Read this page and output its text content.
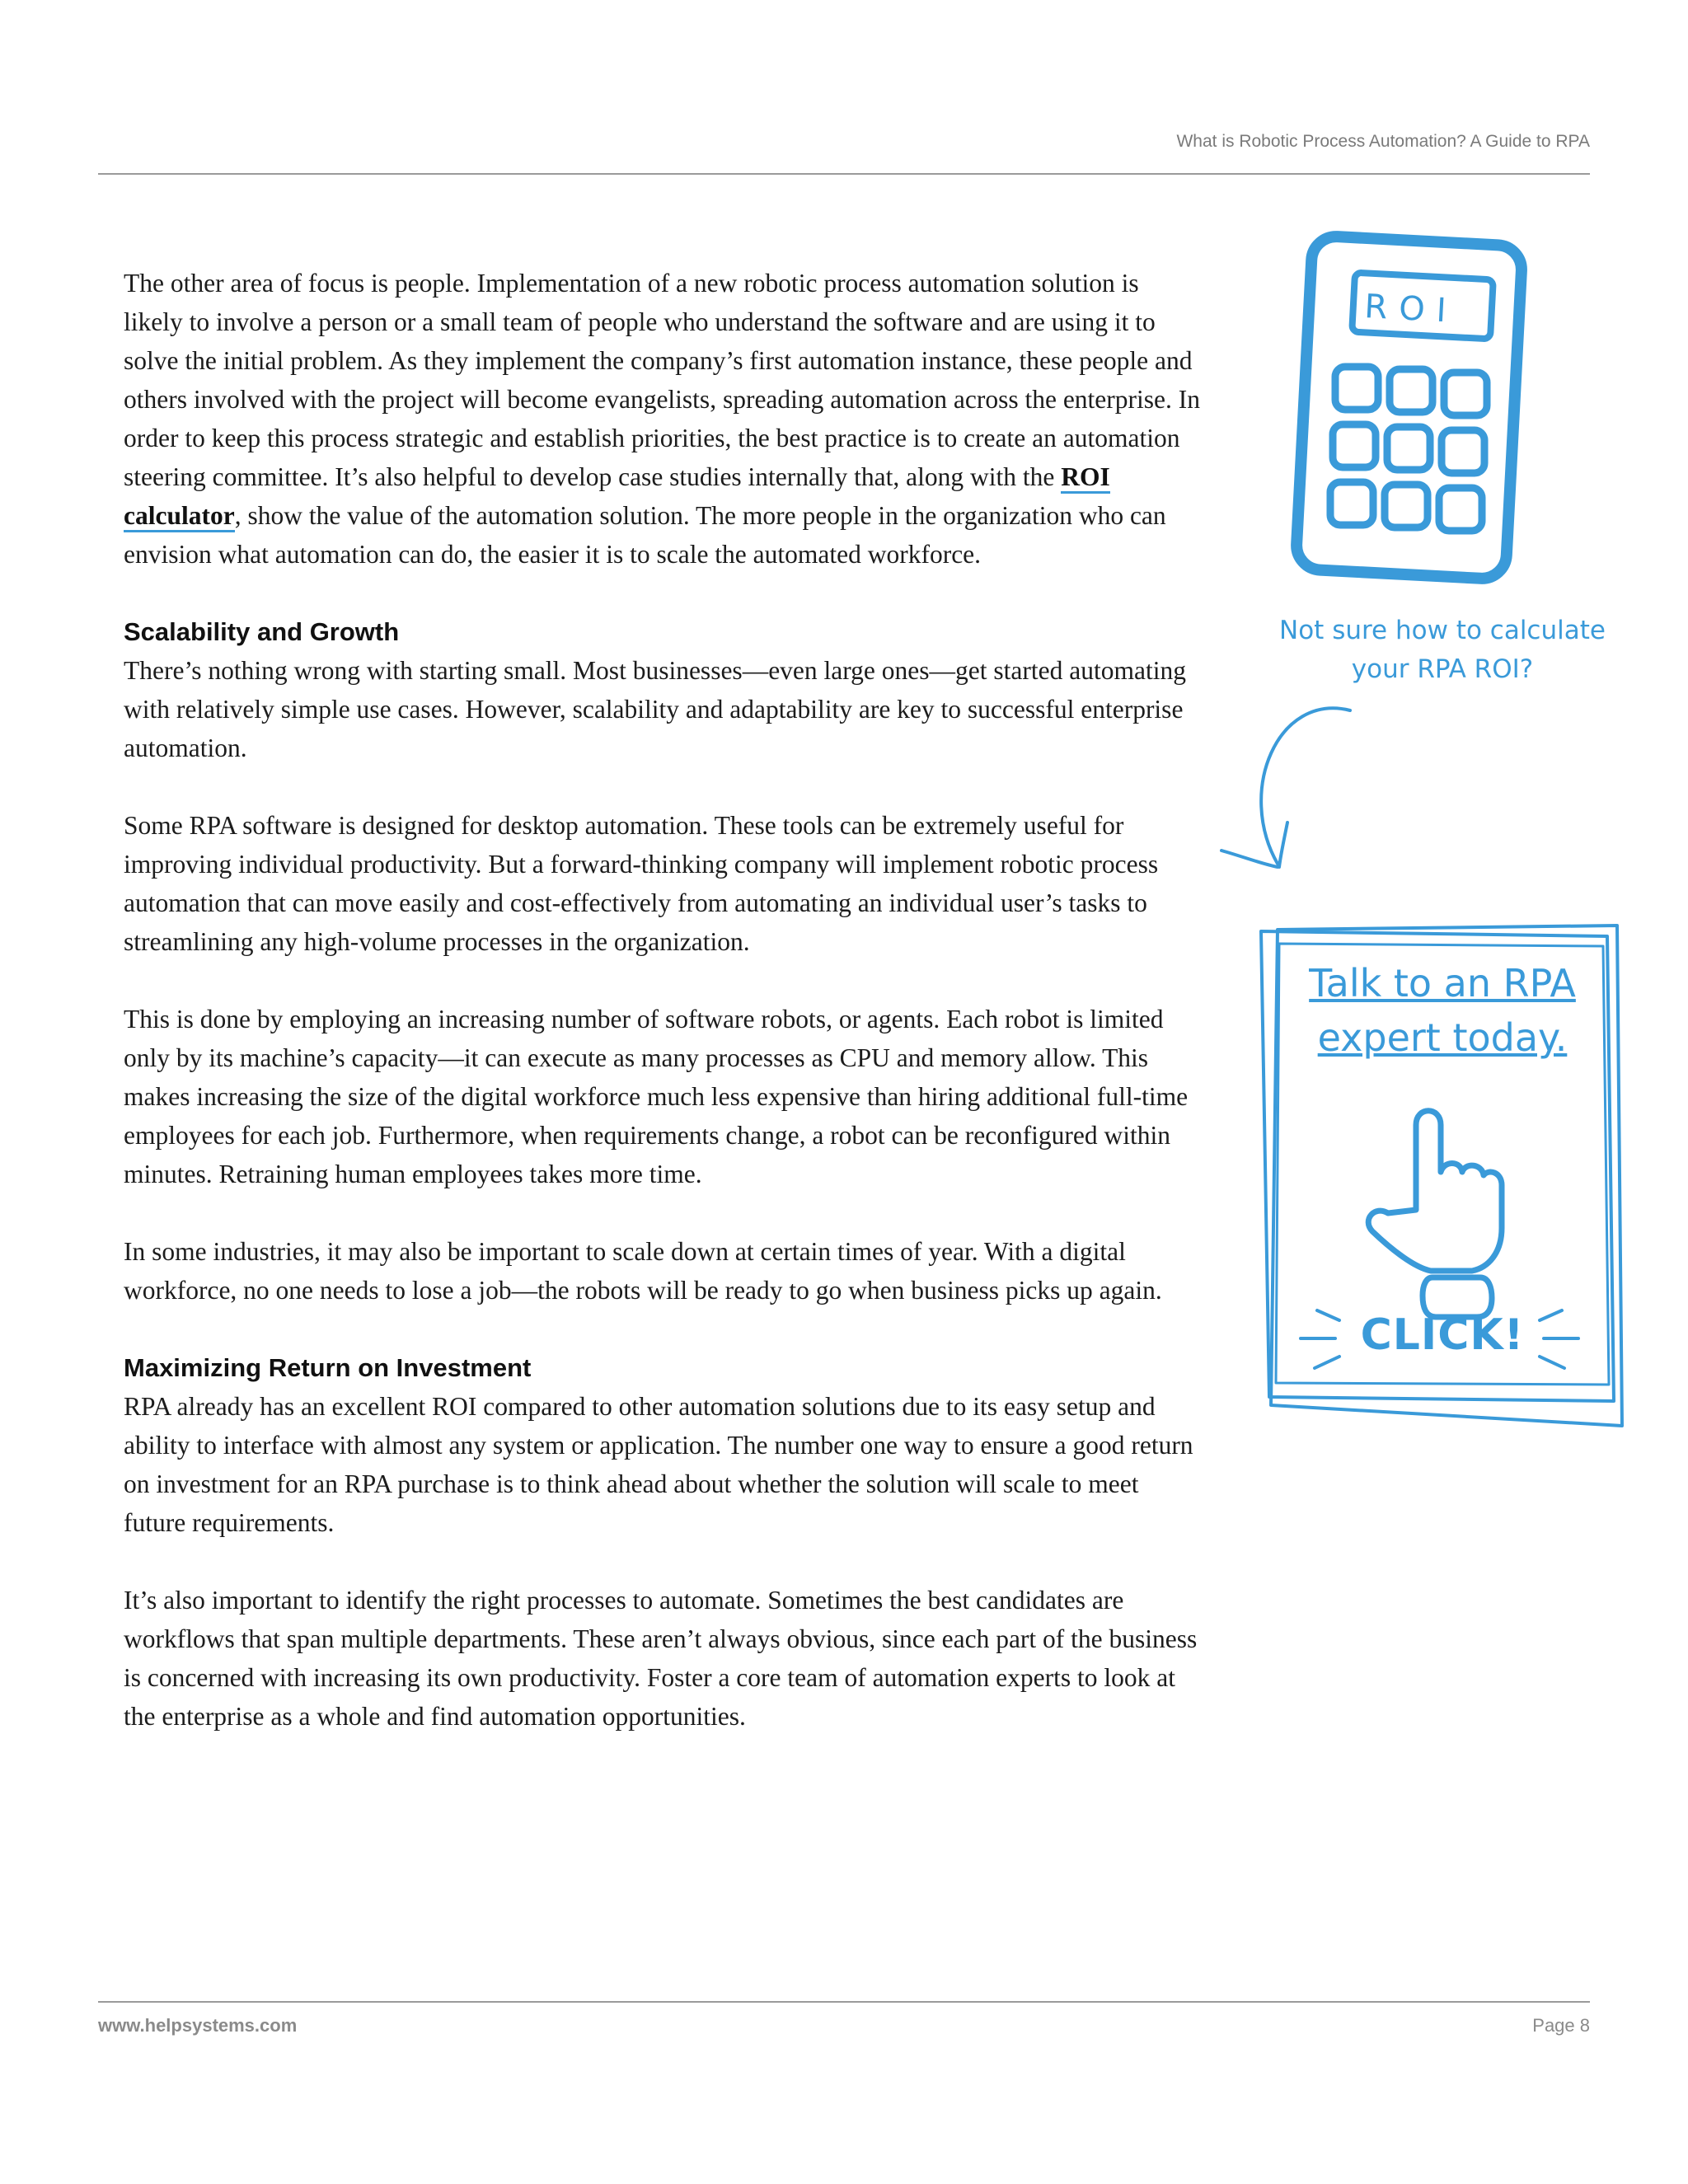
What is Robotic Process Automation? A Guide to RPA

The other area of focus is people. Implementation of a new robotic process automation solution is likely to involve a person or a small team of people who understand the software and are using it to solve the initial problem. As they implement the company’s first automation instance, these people and others involved with the project will become evangelists, spreading automation across the enterprise. In order to keep this process strategic and establish priorities, the best practice is to create an automation steering committee. It’s also helpful to develop case studies internally that, along with the ROI calculator, show the value of the automation solution. The more people in the organization who can envision what automation can do, the easier it is to scale the automated workforce.

Scalability and Growth

There’s nothing wrong with starting small. Most businesses—even large ones—get started automating with relatively simple use cases. However, scalability and adaptability are key to successful enterprise automation.

Some RPA software is designed for desktop automation. These tools can be extremely useful for improving individual productivity. But a forward-thinking company will implement robotic process automation that can move easily and cost-effectively from automating an individual user’s tasks to streamlining any high-volume processes in the organization.

This is done by employing an increasing number of software robots, or agents. Each robot is limited only by its machine’s capacity—it can execute as many processes as CPU and memory allow. This makes increasing the size of the digital workforce much less expensive than hiring additional full-time employees for each job. Furthermore, when requirements change, a robot can be reconfigured within minutes. Retraining human employees takes more time.

In some industries, it may also be important to scale down at certain times of year. With a digital workforce, no one needs to lose a job—the robots will be ready to go when business picks up again.

Maximizing Return on Investment

RPA already has an excellent ROI compared to other automation solutions due to its easy setup and ability to interface with almost any system or application. The number one way to ensure a good return on investment for an RPA purchase is to think ahead about whether the solution will scale to meet future requirements.

It’s also important to identify the right processes to automate. Sometimes the best candidates are workflows that span multiple departments. These aren’t always obvious, since each part of the business is concerned with increasing its own productivity. Foster a core team of automation experts to look at the enterprise as a whole and find automation opportunities.

ROI
Not sure how to calculate your RPA ROI?
Talk to an RPA expert today.
CLICK!
www.helpsystems.com	Page 8
